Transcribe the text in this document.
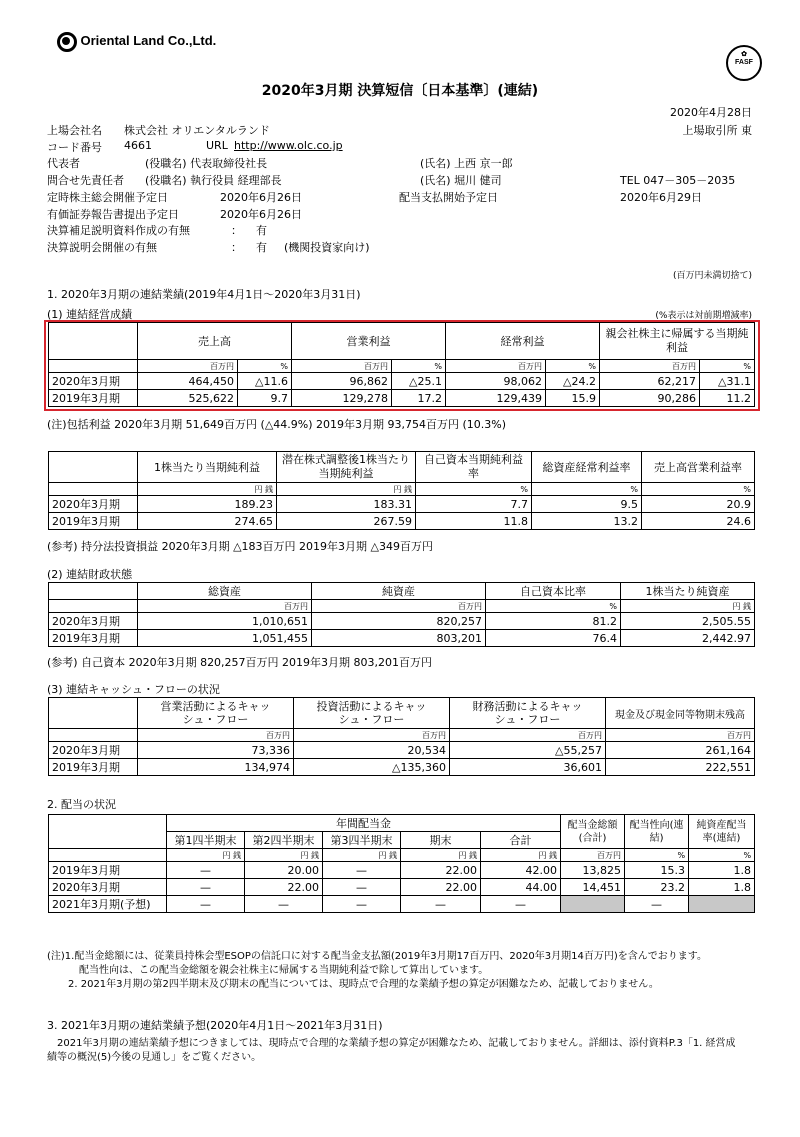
Oriental Land Co.,Ltd.
✿
FASF
2020年3月期 決算短信〔日本基準〕(連結)
2020年4月28日
上場会社名 株式会社 オリエンタルランド	上場取引所 東
コード番号 4661	URL http://www.olc.co.jp
代表者	(役職名) 代表取締役社長	(氏名) 上西 京一郎
問合せ先責任者 (役職名) 執行役員 経理部長	(氏名) 堀川 健司	TEL 047－305－2035
定時株主総会開催予定日	2020年6月26日	配当支払開始予定日	2020年6月29日
有価証券報告書提出予定日	2020年6月26日
決算補足説明資料作成の有無	： 有
決算説明会開催の有無	： 有 (機関投資家向け)
(百万円未満切捨て)
1. 2020年3月期の連結業績(2019年4月1日～2020年3月31日)
(1) 連結経営成績	(%表示は対前期増減率)
	売上高		営業利益		経常利益		親会社株主に帰属する当期純利益	
	百万円	%	百万円	%	百万円	%	百万円	%
2020年3月期	464,450	△11.6	96,862	△25.1	98,062	△24.2	62,217	△31.1
2019年3月期	525,622	9.7	129,278	17.2	129,439	15.9	90,286	11.2
(注)包括利益 2020年3月期 51,649百万円 (△44.9%) 2019年3月期 93,754百万円 (10.3%)
	1株当たり当期純利益	潜在株式調整後1株当たり当期純利益	自己資本当期純利益率	総資産経常利益率	売上高営業利益率
	円 銭	円 銭	%	%	%
2020年3月期	189.23	183.31	7.7	9.5	20.9
2019年3月期	274.65	267.59	11.8	13.2	24.6
(参考) 持分法投資損益 2020年3月期 △183百万円 2019年3月期 △349百万円
(2) 連結財政状態
	総資産	純資産	自己資本比率	1株当たり純資産
	百万円	百万円	%	円 銭
2020年3月期	1,010,651	820,257	81.2	2,505.55
2019年3月期	1,051,455	803,201	76.4	2,442.97
(参考) 自己資本 2020年3月期 820,257百万円 2019年3月期 803,201百万円
(3) 連結キャッシュ・フローの状況
	営業活動によるキャッシュ・フロー	投資活動によるキャッシュ・フロー	財務活動によるキャッシュ・フロー	現金及び現金同等物期末残高
	百万円	百万円	百万円	百万円
2020年3月期	73,336	20,534	△55,257	261,164
2019年3月期	134,974	△135,360	36,601	222,551
2. 配当の状況
	年間配当金					配当金総額(合計)	配当性向(連結)	純資産配当率(連結)
	第1四半期末	第2四半期末	第3四半期末	期末	合計			
	円 銭	円 銭	円 銭	円 銭	円 銭	百万円	%	%
2019年3月期	—	20.00	—	22.00	42.00	13,825	15.3	1.8
2020年3月期	—	22.00	—	22.00	44.00	14,451	23.2	1.8
2021年3月期(予想)	—	—	—	—	—		—	
(注)1.配当金総額には、従業員持株会型ESOPの信託口に対する配当金支払額(2019年3月期17百万円、2020年3月期14百万円)を含んでおります。
配当性向は、この配当金総額を親会社株主に帰属する当期純利益で除して算出しています。
2. 2021年3月期の第2四半期末及び期末の配当については、現時点で合理的な業績予想の算定が困難なため、記載しておりません。
3. 2021年3月期の連結業績予想(2020年4月1日～2021年3月31日)
2021年3月期の連結業績予想につきましては、現時点で合理的な業績予想の算定が困難なため、記載しておりません。詳細は、添付資料P.3「1. 経営成
績等の概況(5)今後の見通し」をご覧ください。
